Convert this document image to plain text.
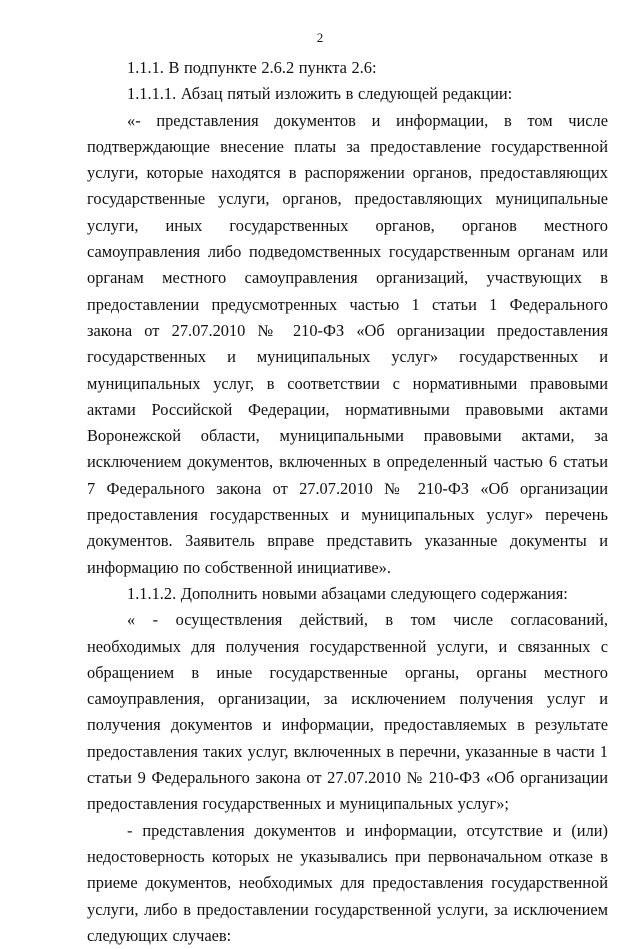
2

1.1.1. В подпункте 2.6.2 пункта 2.6:

1.1.1.1. Абзац пятый изложить в следующей редакции:

«- представления документов и информации, в том числе подтверждающие внесение платы за предоставление государственной услуги, которые находятся в распоряжении органов, предоставляющих государственные услуги, органов, предоставляющих муниципальные услуги, иных государственных органов, органов местного самоуправления либо подведомственных государственным органам или органам местного самоуправления организаций, участвующих в предоставлении предусмотренных частью 1 статьи 1 Федерального закона от 27.07.2010 № 210-ФЗ «Об организации предоставления государственных и муниципальных услуг» государственных и муниципальных услуг, в соответствии с нормативными правовыми актами Российской Федерации, нормативными правовыми актами Воронежской области, муниципальными правовыми актами, за исключением документов, включенных в определенный частью 6 статьи 7 Федерального закона от 27.07.2010 № 210-ФЗ «Об организации предоставления государственных и муниципальных услуг» перечень документов. Заявитель вправе представить указанные документы и информацию по собственной инициативе».

1.1.1.2. Дополнить новыми абзацами следующего содержания:

« - осуществления действий, в том числе согласований, необходимых для получения государственной услуги, и связанных с обращением в иные государственные органы, органы местного самоуправления, организации, за исключением получения услуг и получения документов и информации, предоставляемых в результате предоставления таких услуг, включенных в перечни, указанные в части 1 статьи 9 Федерального закона от 27.07.2010 № 210-ФЗ «Об организации предоставления государственных и муниципальных услуг»;

- представления документов и информации, отсутствие и (или) недостоверность которых не указывались при первоначальном отказе в приеме документов, необходимых для предоставления государственной услуги, либо в предоставлении государственной услуги, за исключением следующих случаев:
